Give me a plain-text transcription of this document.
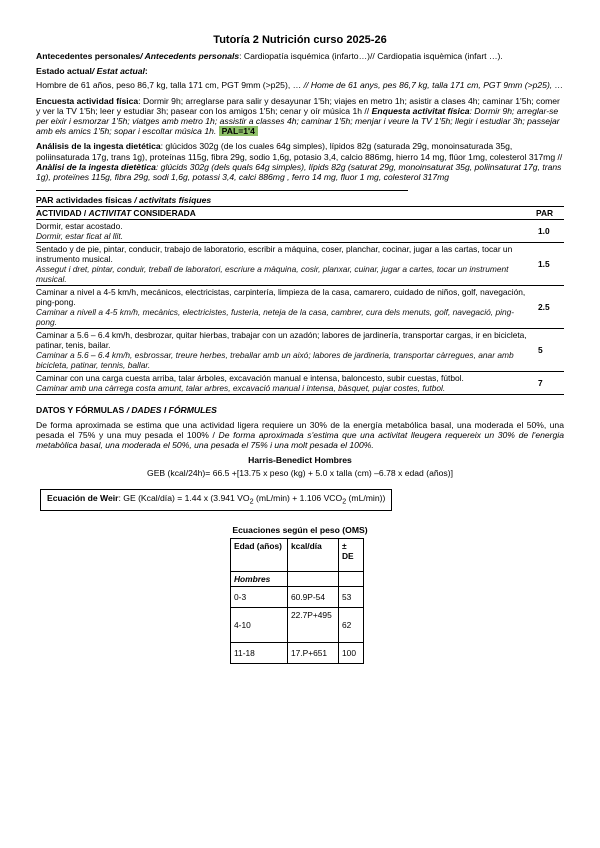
Tutoría 2 Nutrición curso 2025-26
Antecedentes personales/ Antecedents personals: Cardiopatía isquémica (infarto…)// Cardiopatia isquèmica (infart …).
Estado actual/ Estat actual:
Hombre de 61 años, peso 86,7 kg, talla 171 cm, PGT 9mm (>p25), … // Home de 61 anys, pes 86,7 kg, talla 171 cm, PGT 9mm (>p25), …
Encuesta actividad física: Dormir 9h; arreglarse para salir y desayunar 1'5h; viajes en metro 1h; asistir a clases 4h; caminar 1'5h; comer y ver la TV 1'5h; leer y estudiar 3h; pasear con los amigos 1'5h; cenar y oír música 1h // Enquesta activitat física: Dormir 9h; arreglar-se per eixir i esmorzar 1'5h; viatges amb metro 1h; assistir a classes 4h; caminar 1'5h; menjar i veure la TV 1'5h; llegir i estudiar 3h; passejar amb els amics 1'5h; sopar i escoltar música 1h. PAL=1'4
Análisis de la ingesta dietética: glúcidos 302g (de los cuales 64g simples), lípidos 82g (saturada 29g, monoinsaturada 35g, poliinsaturada 17g, trans 1g), proteínas 115g, fibra 29g, sodio 1,6g, potasio 3,4, calcio 886mg, hierro 14 mg, flúor 1mg, colesterol 317mg // Anàlisi de la ingesta dietètica: glúcids 302g (dels quals 64g simples), lípids 82g (saturat 29g, monoinsaturat 35g, poliinsaturat 17g, trans 1g), proteïnes 115g, fibra 29g, sodi 1,6g, potassi 3,4, calci 886mg , ferro 14 mg, fluor 1 mg, colesterol 317mg
PAR actividades físicas / activitats físiques
ACTIVIDAD / ACTIVITAT CONSIDERADA	PAR

Dormir, estar acostado.
Dormir, estar ficat al llit.	1.0

Sentado y de pie, pintar, conducir, trabajo de laboratorio, escribir a máquina, coser, planchar, cocinar, jugar a las cartas, tocar un instrumento musical.
Assegut i dret, pintar, conduir, treball de laboratori, escriure a màquina, cosir, planxar, cuinar, jugar a cartes, tocar un instrument musical.	1.5

Caminar a nivel a 4-5 km/h, mecánicos, electricistas, carpintería, limpieza de la casa, camarero, cuidado de niños, golf, navegación, ping-pong.
Caminar a nivell a 4-5 km/h, mecànics, electricistes, fusteria, neteja de la casa, cambrer, cura dels menuts, golf, navegació, ping-pong.	2.5

Caminar a 5.6 – 6.4 km/h, desbrozar, quitar hierbas, trabajar con un azadón; labores de jardinería, transportar cargas, ir en bicicleta, patinar, tenis, bailar.
Caminar a 5.6 – 6.4 km/h, esbrossar, treure herbes, treballar amb un aixó; labores de jardineria, transportar càrregues, anar amb bicicleta, patinar, tennis, ballar.	5

Caminar con una carga cuesta arriba, talar árboles, excavación manual e intensa, baloncesto, subir cuestas, fútbol.
Caminar amb una càrrega costa amunt, talar arbres, excavació manual i intensa, bàsquet, pujar costes, futbol.	7
DATOS Y FÓRMULAS / DADES I FÓRMULES
De forma aproximada se estima que una actividad ligera requiere un 30% de la energía metabólica basal, una moderada el 50%, una pesada el 75% y una muy pesada el 100% / De forma aproximada s'estima que una activitat lleugera requereix un 30% de l'energia metabòlica basal, una moderada el 50%, una pesada el 75% i una molt pesada el 100%.
Harris-Benedict Hombres
GEB (kcal/24h)= 66.5 +[13.75 x peso (kg) + 5.0 x talla (cm) –6.78 x edad (años)]
Ecuación de Weir: GE (Kcal/día) = 1.44 x (3.941 $VO_2$ (mL/min) + 1.106 $VCO_2$ (mL/min))
Ecuaciones según el peso (OMS)
Edad (años)	kcal/día	± DE
Hombres		
0-3	60.9P-54	53
4-10	22.7P+495	62
11-18	17.P+651	100
